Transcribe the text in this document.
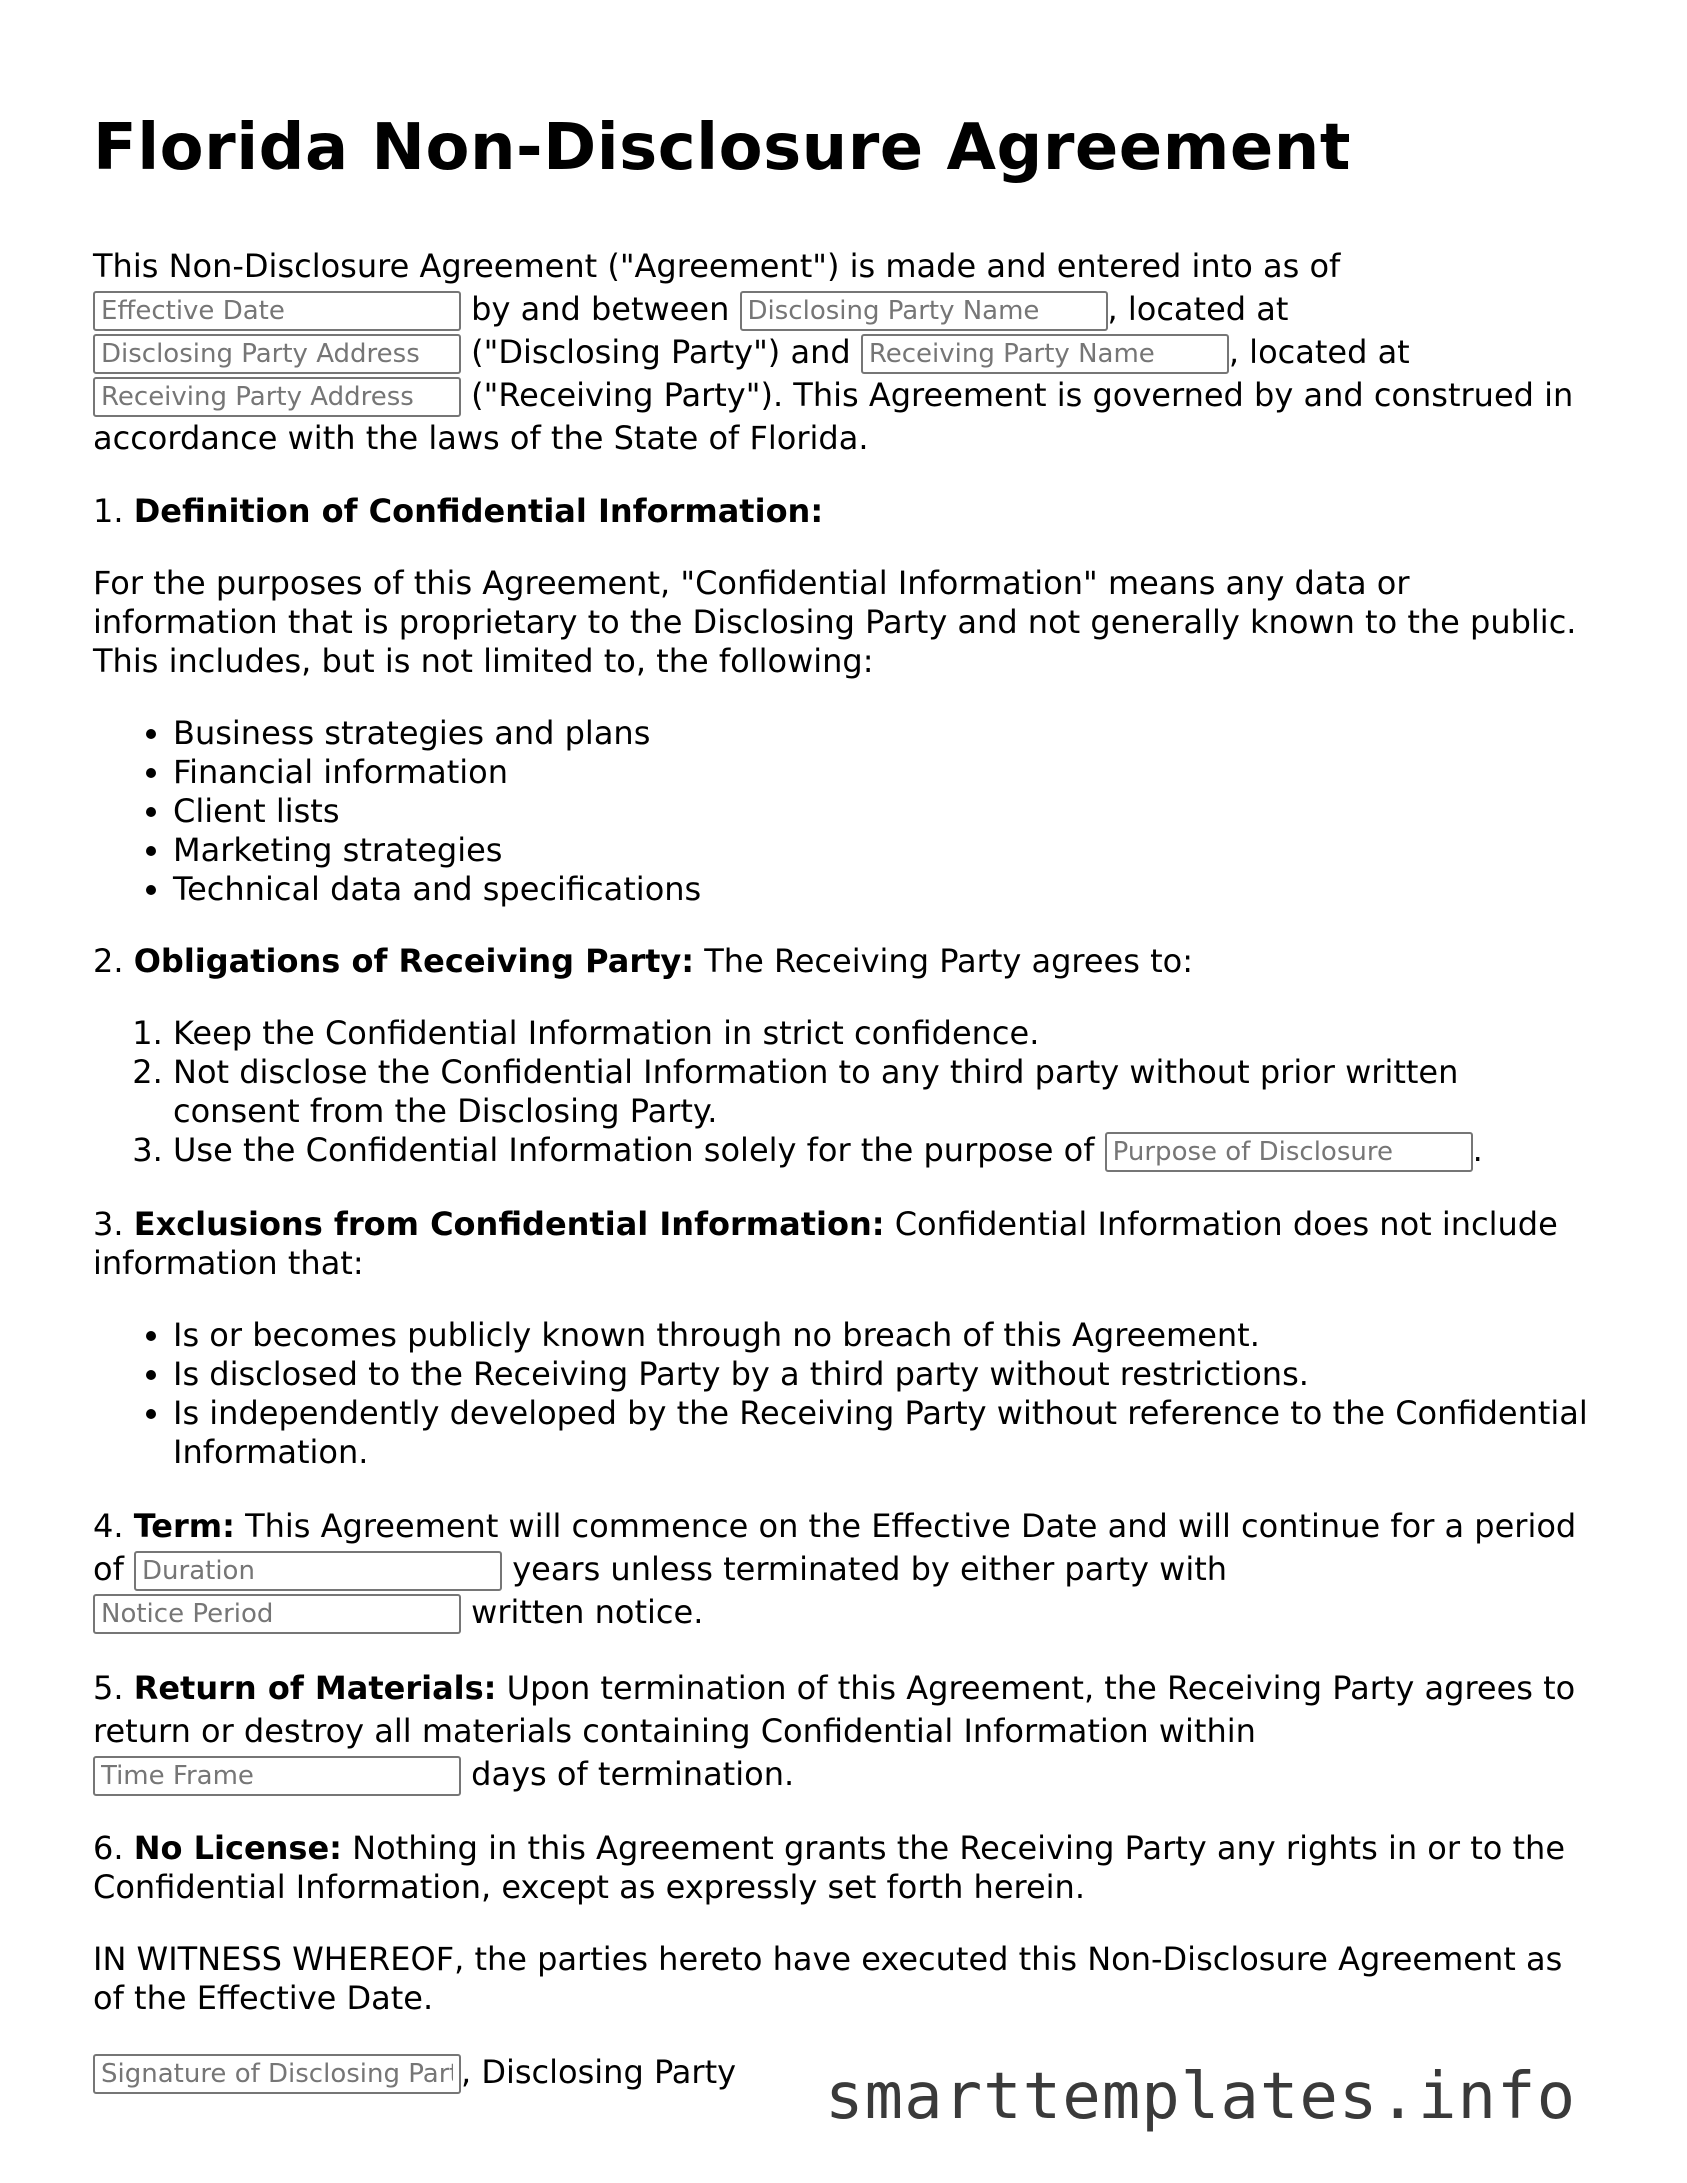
Florida Non-Disclosure Agreement

This Non-Disclosure Agreement ("Agreement") is made and entered into as of
Effective Date by and between Disclosing Party Name	, located at
Disclosing Party Address ("Disclosing Party") and Receiving Party Name	, located at
Receiving Party Address ("Receiving Party"). This Agreement is governed by and construed in accordance with the laws of the State of Florida.

1. Definition of Confidential Information:

For the purposes of this Agreement, "Confidential Information" means any data or information that is proprietary to the Disclosing Party and not generally known to the public. This includes, but is not limited to, the following:

• Business strategies and plans
• Financial information
• Client lists
• Marketing strategies
• Technical data and specifications

2. Obligations of Receiving Party: The Receiving Party agrees to:

1. Keep the Confidential Information in strict confidence.
2. Not disclose the Confidential Information to any third party without prior written consent from the Disclosing Party.
3. Use the Confidential Information solely for the purpose of Purpose of Disclosure	.

3. Exclusions from Confidential Information: Confidential Information does not include information that:

• Is or becomes publicly known through no breach of this Agreement.
• Is disclosed to the Receiving Party by a third party without restrictions.
• Is independently developed by the Receiving Party without reference to the Confidential Information.

4. Term: This Agreement will commence on the Effective Date and will continue for a period of Duration	years unless terminated by either party with
Notice Period written notice.

5. Return of Materials: Upon termination of this Agreement, the Receiving Party agrees to return or destroy all materials containing Confidential Information within
Time Frame days of termination.

6. No License: Nothing in this Agreement grants the Receiving Party any rights in or to the Confidential Information, except as expressly set forth herein.

IN WITNESS WHEREOF, the parties hereto have executed this Non-Disclosure Agreement as of the Effective Date.

Signature of Disclosing Party, Disclosing Party	smarttemplates.info
